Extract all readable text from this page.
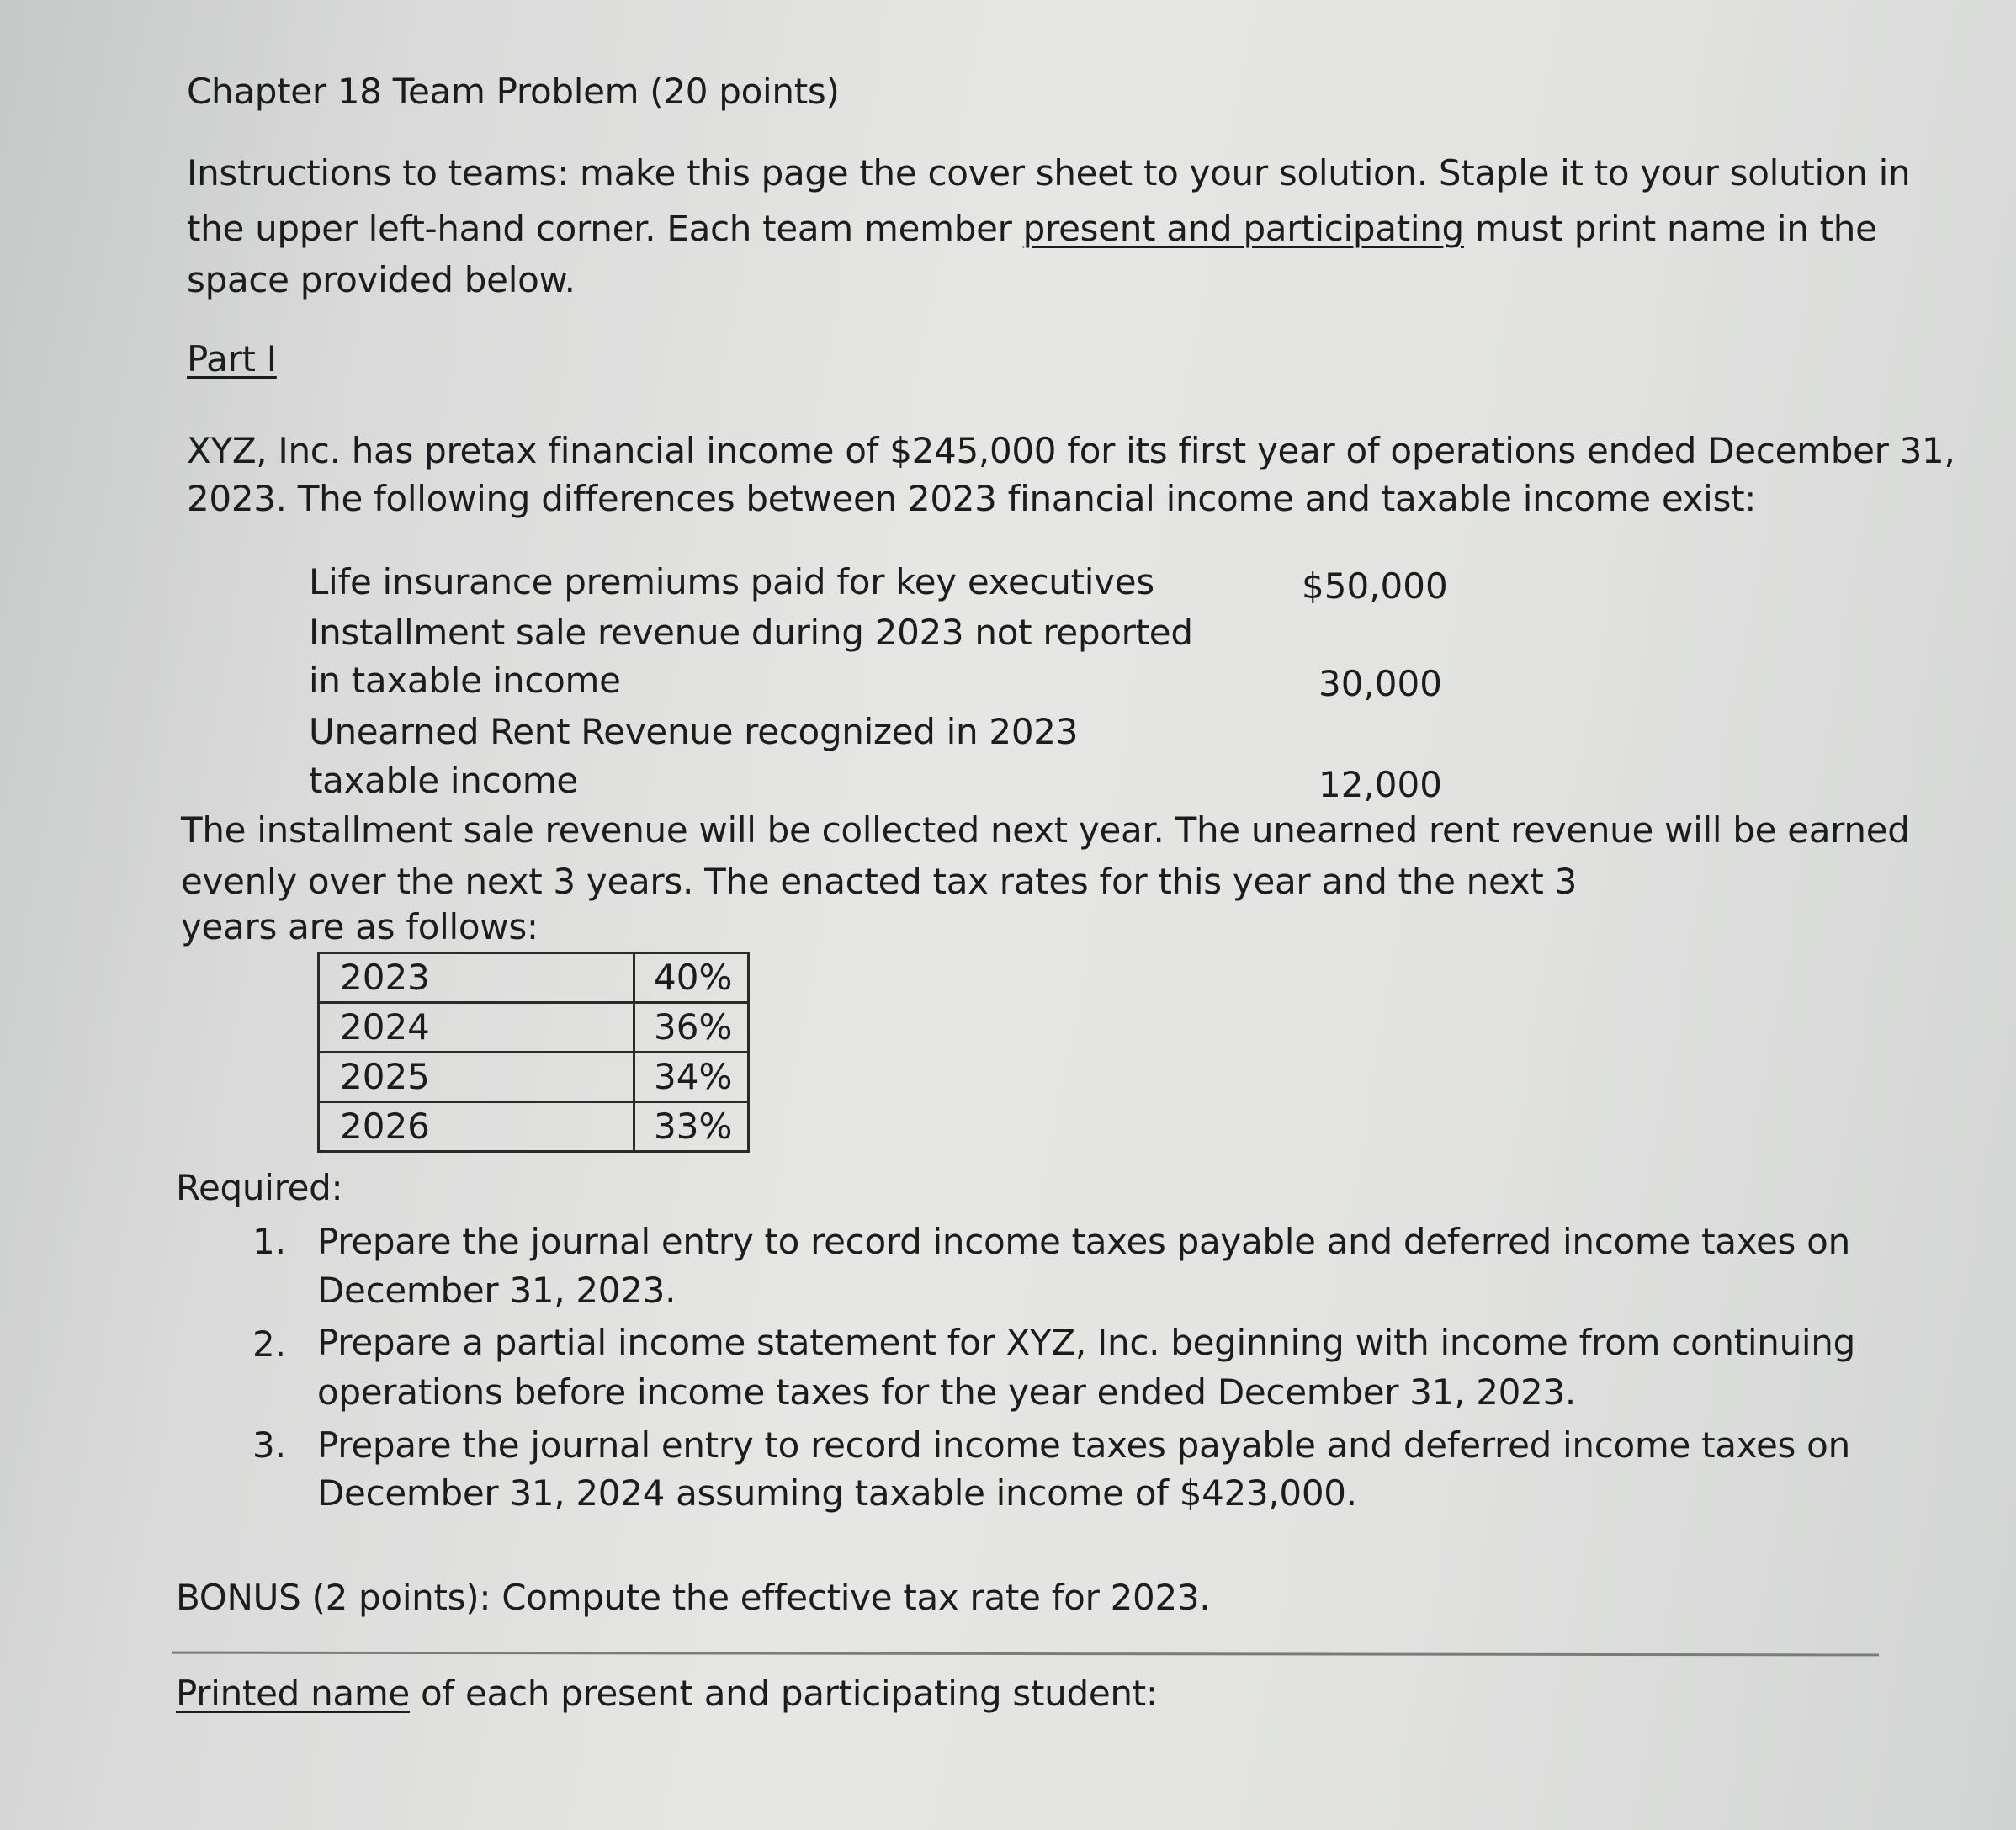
Chapter 18 Team Problem (20 points)
Instructions to teams: make this page the cover sheet to your solution. Staple it to your solution in
the upper left-hand corner. Each team member present and participating must print name in the
space provided below.
Part I
XYZ, Inc. has pretax financial income of $245,000 for its first year of operations ended December 31,
2023. The following differences between 2023 financial income and taxable income exist:
Life insurance premiums paid for key executives	$50,000
Installment sale revenue during 2023 not reported
in taxable income	30,000
Unearned Rent Revenue recognized in 2023
taxable income	12,000
The installment sale revenue will be collected next year. The unearned rent revenue will be earned
evenly over the next 3 years. The enacted tax rates for this year and the next 3
years are as follows:
2023	40%
2024	36%
2025	34%
2026	33%
Required:
1. Prepare the journal entry to record income taxes payable and deferred income taxes on
December 31, 2023.
2. Prepare a partial income statement for XYZ, Inc. beginning with income from continuing
operations before income taxes for the year ended December 31, 2023.
3. Prepare the journal entry to record income taxes payable and deferred income taxes on
December 31, 2024 assuming taxable income of $423,000.
BONUS (2 points): Compute the effective tax rate for 2023.
Printed name of each present and participating student:
